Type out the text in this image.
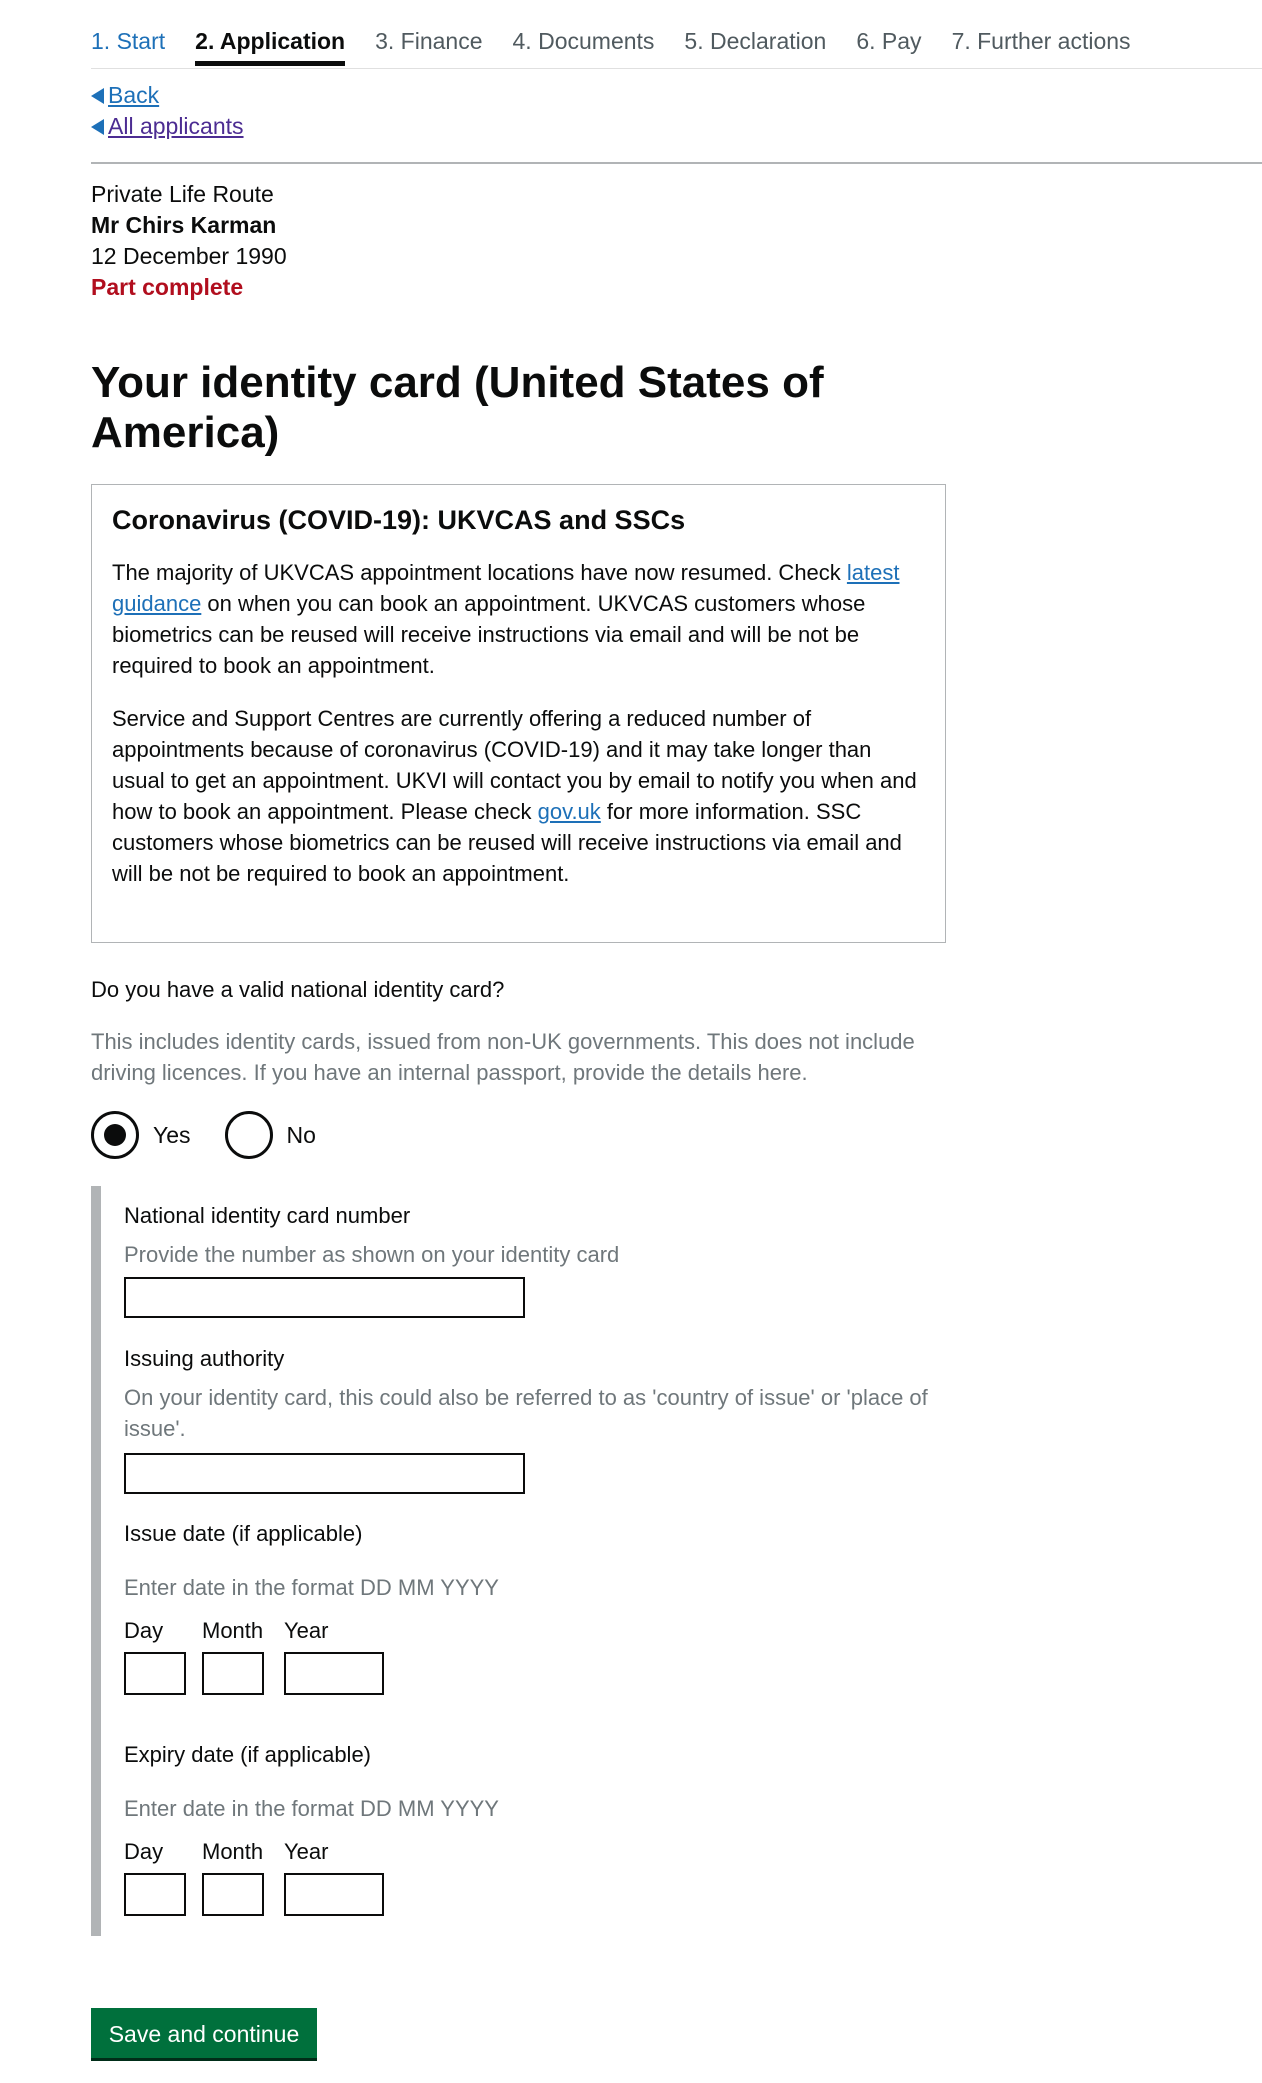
1. Start 2. Application 3. Finance 4. Documents 5. Declaration 6. Pay 7. Further actions
Back
All applicants
Private Life Route
Mr Chirs Karman
12 December 1990
Part complete
Your identity card (United States of America)
Coronavirus (COVID-19): UKVCAS and SSCs

The majority of UKVCAS appointment locations have now resumed. Check latest guidance on when you can book an appointment. UKVCAS customers whose biometrics can be reused will receive instructions via email and will be not be required to book an appointment.

Service and Support Centres are currently offering a reduced number of appointments because of coronavirus (COVID-19) and it may take longer than usual to get an appointment. UKVI will contact you by email to notify you when and how to book an appointment. Please check gov.uk for more information. SSC customers whose biometrics can be reused will receive instructions via email and will be not be required to book an appointment.

Do you have a valid national identity card?
This includes identity cards, issued from non-UK governments. This does not include driving licences. If you have an internal passport, provide the details here.
Yes	No
National identity card number
Provide the number as shown on your identity card
Issuing authority
On your identity card, this could also be referred to as 'country of issue' or 'place of issue'.
Issue date (if applicable)
Enter date in the format DD MM YYYY
Day Month Year
Expiry date (if applicable)
Enter date in the format DD MM YYYY
Day Month Year
Save and continue
